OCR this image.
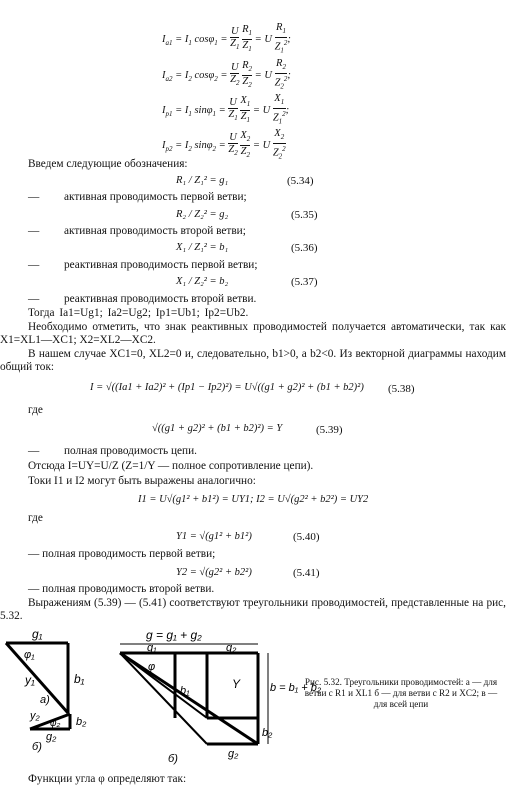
$I_{a1} = I_1$ $\cos\varphi_1 = \frac{U}{Z_1}$
$\frac{R_1}{Z_1} = U \frac{R_1}{Z_1^2}$ ;
$I_{a2} = I_2$ $\cos\varphi_2 = \frac{U}{Z_2}$
$\frac{R_2}{Z_2} = U \frac{R_2}{Z_2^2}$ ;
$I_{p1} = I_1$ $\sin\varphi_1 = \frac{U}{Z_1}$
$\frac{X_1}{Z_1} = U \frac{X_1}{Z_1^2}$ ;
$I_{p2} = I_2$ $\sin\varphi_2 = \frac{U}{Z_2}$
$\frac{X_2}{Z_2} = U \frac{X_2}{Z_2^2}$
Введем следующие обозначения:
R₁ / Z₁² = g₁	(5.34)
— активная проводимость первой ветви;
R₂ / Z₂² = g₂	(5.35)
— активная проводимость второй ветви;
X₁ / Z₁² = b₁	(5.36)
— реактивная проводимость первой ветви;
X₁ / Z₂² = b₂	(5.37)
— реактивная проводимость второй ветви.
Тогда Iа1=Ug1; Iа2=Ug2; Iр1=Ub1; Iр2=Ub2.
Необходимо отметить, что знак реактивных проводимостей получается автоматически, так как X1=XL1—XC1; X2=XL2—XC2.
В нашем случае XC1=0, XL2=0 и, следовательно, b1>0, а b2<0. Из векторной диаграммы находим общий ток:
I = √((Ia1 + Ia2)² + (Ip1 − Ip2)²) = U√((g1 + g2)² + (b1 + b2)²) (5.38)
где
√((g1 + g2)² + (b1 + b2)²) = Y	(5.39)
— полная проводимость цепи.
Отсюда I=UY=U/Z (Z=1/Y — полное сопротивление цепи).
Токи I1 и I2 могут быть выражены аналогично:
I1 = U√(g1² + b1²) = UY1; I2 = U√(g2² + b2²) = UY2
где
Y1 = √(g1² + b1²)	(5.40)
— полная проводимость первой ветви;
Y2 = √(g2² + b2²)	(5.41)
— полная проводимость второй ветви.
Выражениям (5.39) — (5.41) соответствуют треугольники проводимостей, представленные на рис, 5.32.
g₁
φ₁
b₁
y₁
а)
y₂
φ₂ b₂
g₂
б)
g = g₁ + g₂
g₁	g₂
φ
b₁	Y	b = b₁ + b₂
b₂
g₂
б)
Рис. 5.32. Треугольники проводимостей: а — для ветви с R1 и XL1 б — для ветви с R2 и XC2; в — для всей цепи
Функции угла φ определяют так:
